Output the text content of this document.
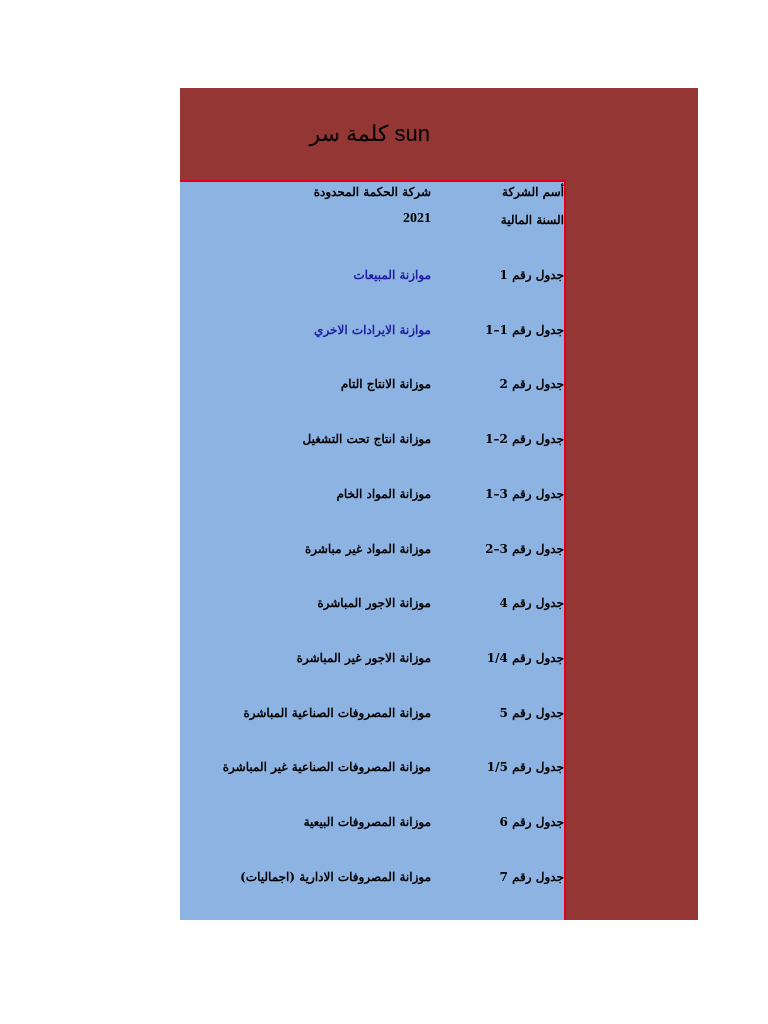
كلمة سر sun
أسم الشركة
شركة الحكمة المحدودة
السنة المالية
2021
جدول رقم 1
موازنة المبيعات
جدول رقم 1–1
موازنة الايرادات الاخري
جدول رقم 2
موزانة الانتاج التام
جدول رقم 2–1
موزانة انتاج تحت التشغيل
جدول رقم 3–1
موزانة المواد الخام
جدول رقم 3–2
موزانة المواد غير مباشرة
جدول رقم 4
موزانة الاجور المباشرة
جدول رقم 1/4
موزانة الاجور غير المباشرة
جدول رقم 5
موزانة المصروفات الصناعية المباشرة
جدول رقم 1/5
موزانة المصروفات الصناعية غير المباشرة
جدول رقم 6
موزانة المصروفات البيعية
جدول رقم 7
موزانة المصروفات الادارية (اجماليات)
